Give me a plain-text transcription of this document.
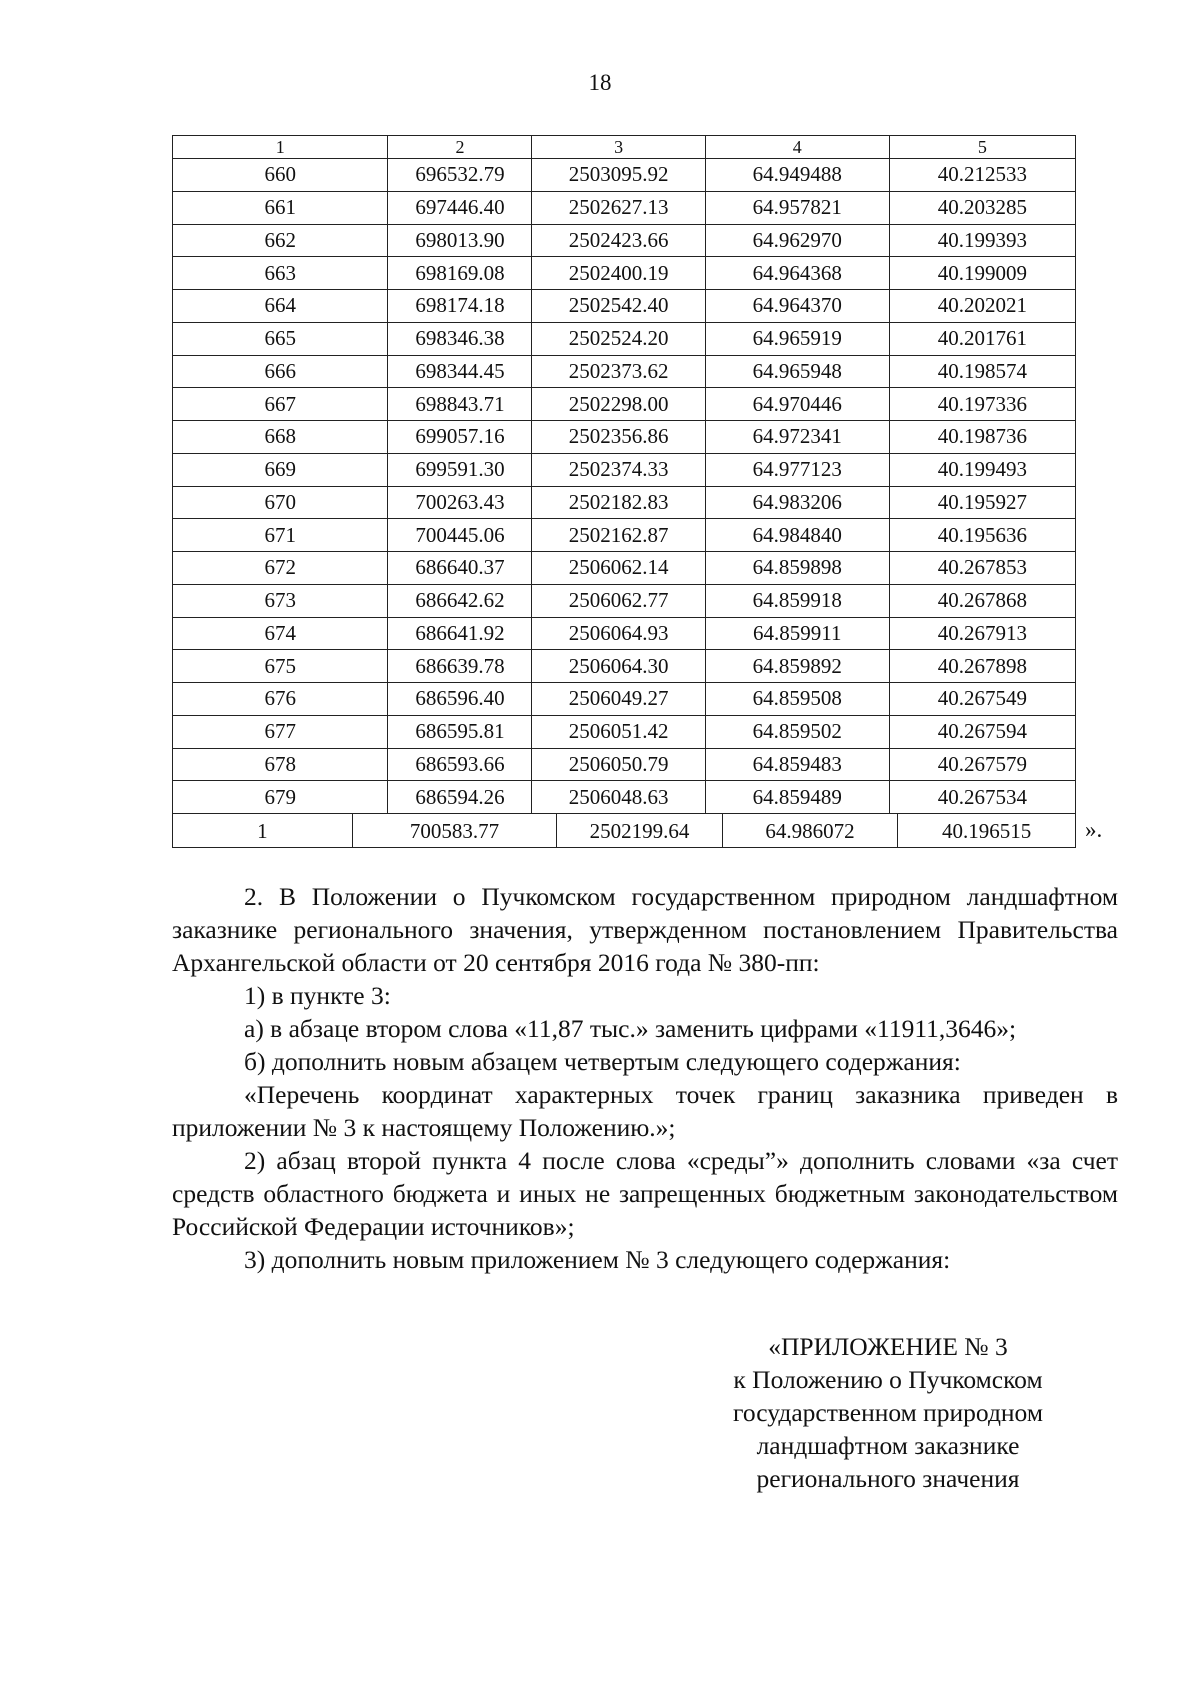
18
1	2	3	4	5
660	696532.79	2503095.92	64.949488	40.212533
661	697446.40	2502627.13	64.957821	40.203285
662	698013.90	2502423.66	64.962970	40.199393
663	698169.08	2502400.19	64.964368	40.199009
664	698174.18	2502542.40	64.964370	40.202021
665	698346.38	2502524.20	64.965919	40.201761
666	698344.45	2502373.62	64.965948	40.198574
667	698843.71	2502298.00	64.970446	40.197336
668	699057.16	2502356.86	64.972341	40.198736
669	699591.30	2502374.33	64.977123	40.199493
670	700263.43	2502182.83	64.983206	40.195927
671	700445.06	2502162.87	64.984840	40.195636
672	686640.37	2506062.14	64.859898	40.267853
673	686642.62	2506062.77	64.859918	40.267868
674	686641.92	2506064.93	64.859911	40.267913
675	686639.78	2506064.30	64.859892	40.267898
676	686596.40	2506049.27	64.859508	40.267549
677	686595.81	2506051.42	64.859502	40.267594
678	686593.66	2506050.79	64.859483	40.267579
679	686594.26	2506048.63	64.859489	40.267534
1	700583.77	2502199.64	64.986072	40.196515 ».

2. В Положении о Пучкомском государственном природном ландшафтном заказнике регионального значения, утвержденном постановлением Правительства Архангельской области от 20 сентября 2016 года № 380-пп:

1) в пункте 3:

а) в абзаце втором слова «11,87 тыс.» заменить цифрами «11911,3646»;

б) дополнить новым абзацем четвертым следующего содержания:

«Перечень координат характерных точек границ заказника приведен в приложении № 3 к настоящему Положению.»;

2) абзац второй пункта 4 после слова «среды”» дополнить словами «за счет средств областного бюджета и иных не запрещенных бюджетным законодательством Российской Федерации источников»;

3) дополнить новым приложением № 3 следующего содержания:

«ПРИЛОЖЕНИЕ № 3
к Положению о Пучкомском
государственном природном
ландшафтном заказнике
регионального значения
